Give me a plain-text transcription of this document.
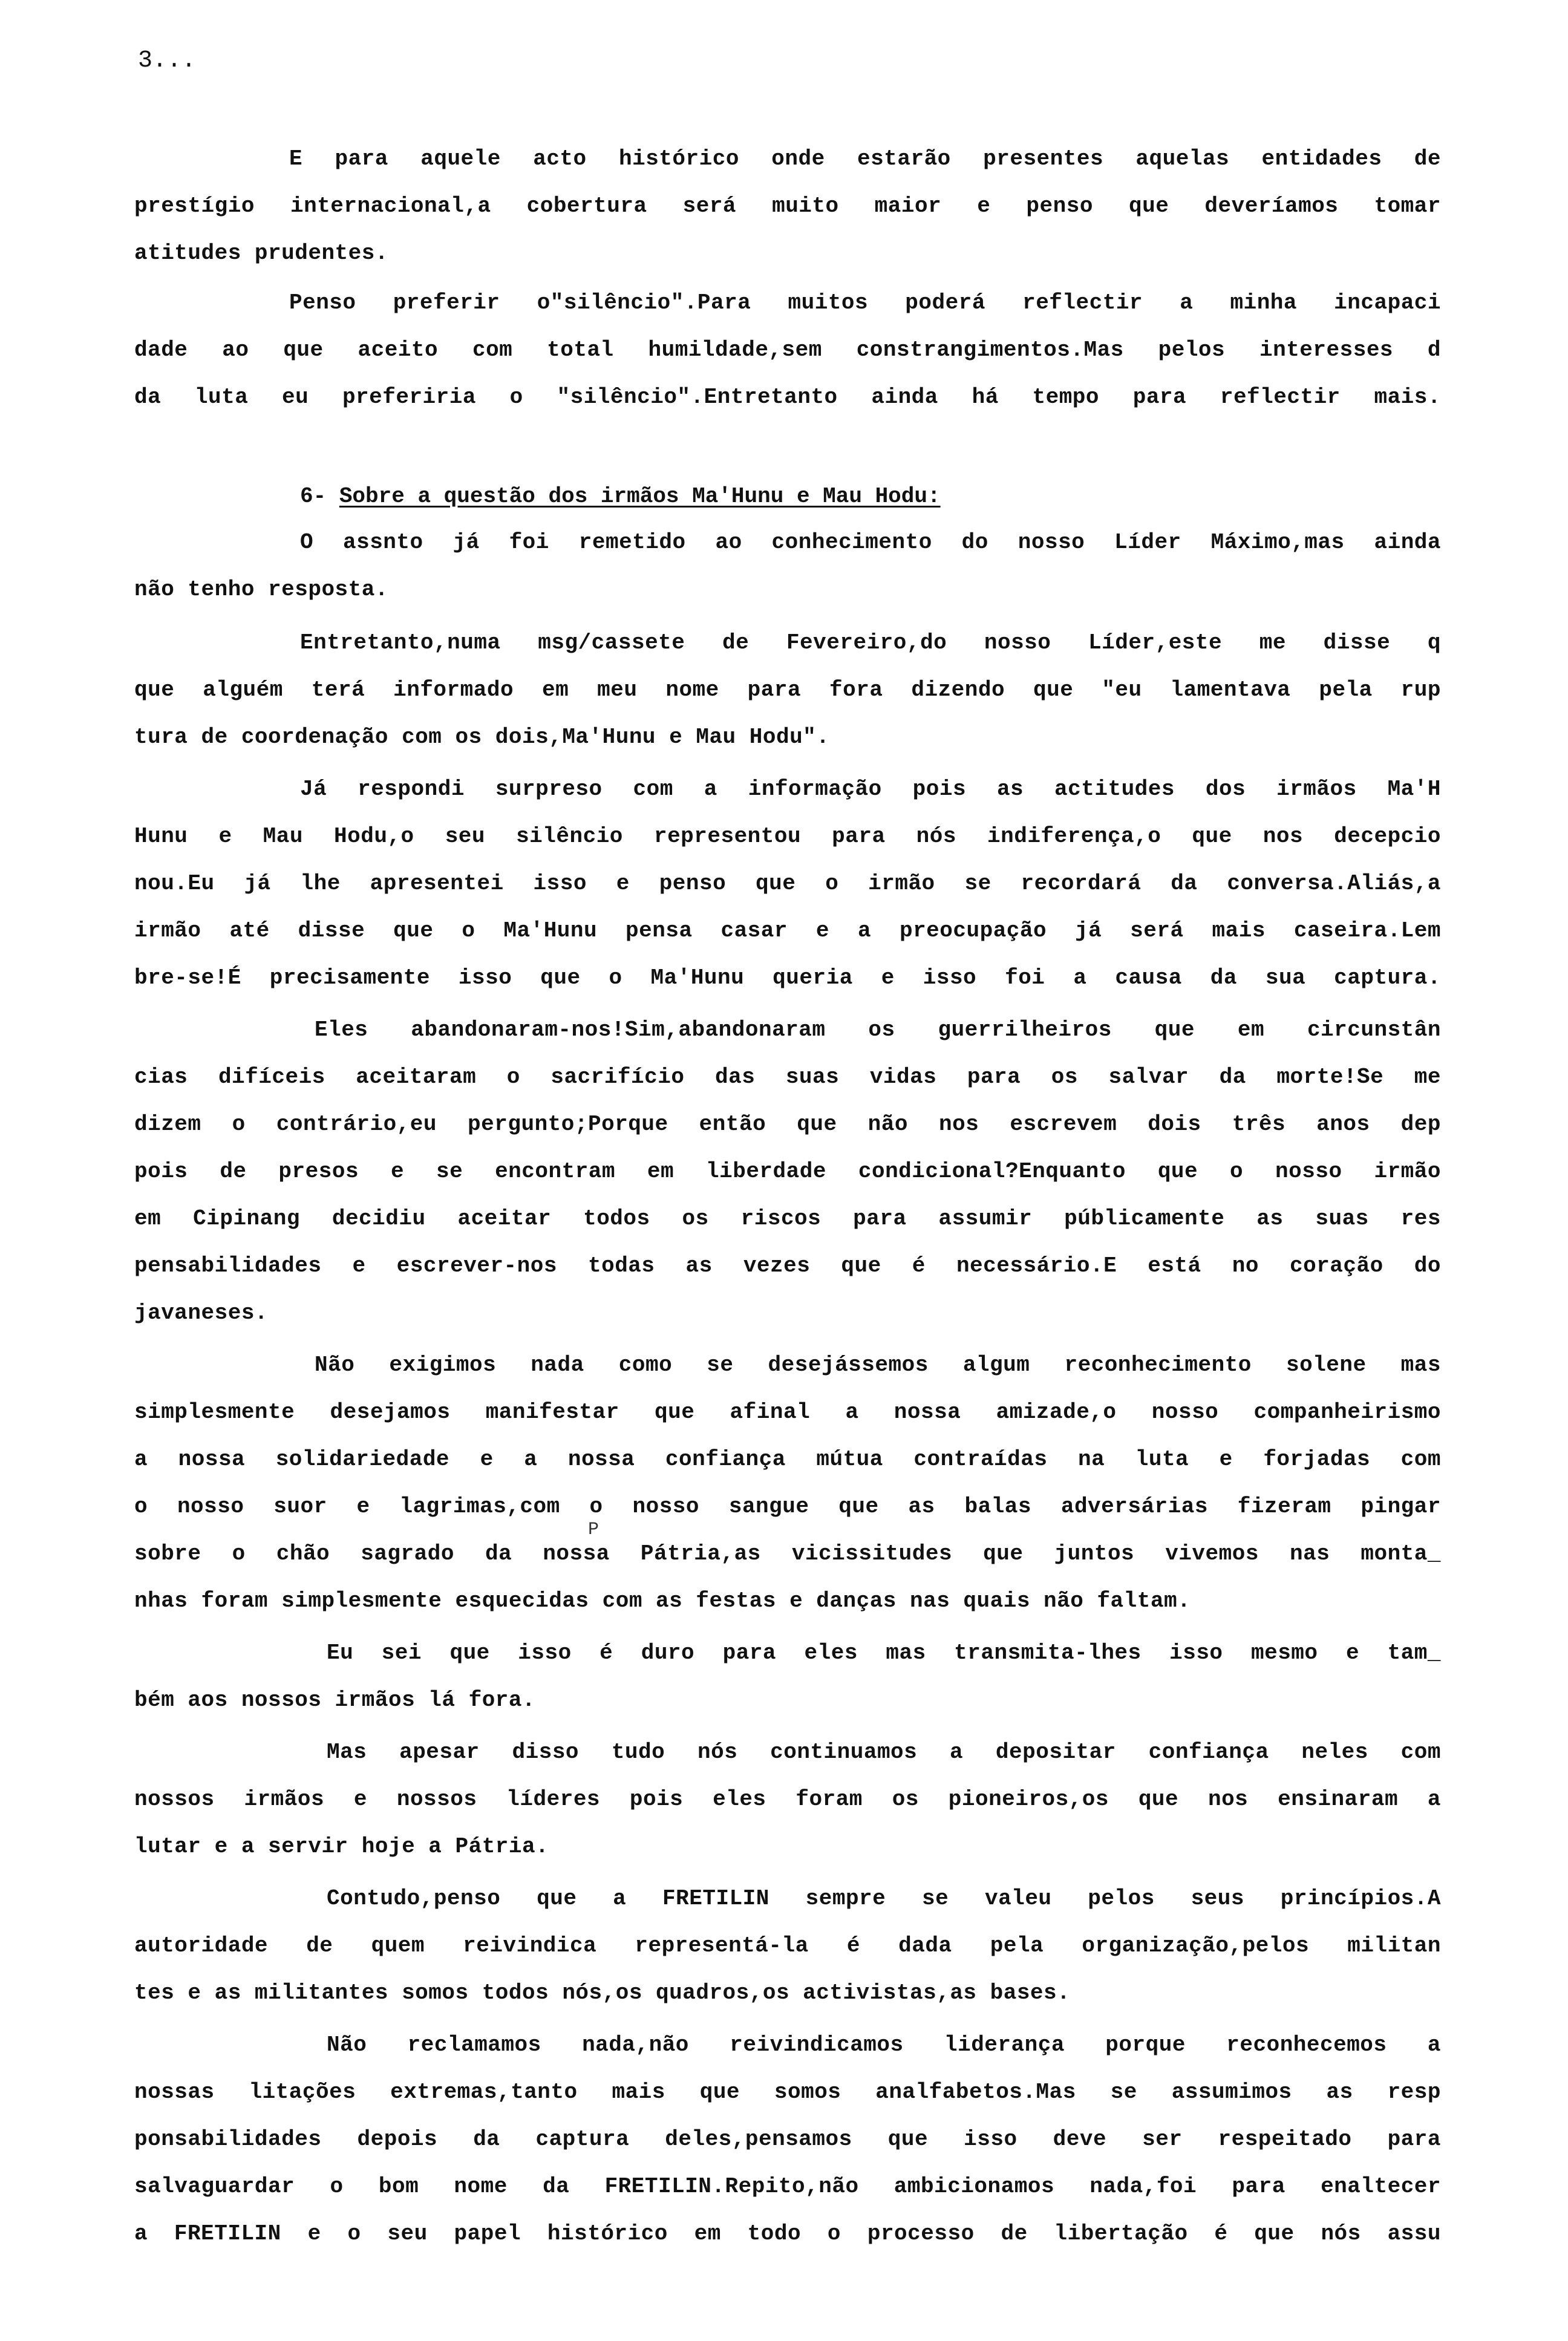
3...
E para aquele acto histórico onde estarão presentes aquelas entidades de
prestígio internacional,a cobertura será muito maior e penso que deveríamos tomar
atitudes prudentes.
Penso preferir o"silêncio".Para muitos poderá reflectir a minha incapaci
dade ao que aceito com total humildade,sem constrangimentos.Mas pelos interesses d
da luta eu preferiria o "silêncio".Entretanto ainda há tempo para reflectir mais.
6- Sobre a questão dos irmãos Ma'Hunu e Mau Hodu:
O assnto já foi remetido ao conhecimento do nosso Líder Máximo,mas ainda
não tenho resposta.
Entretanto,numa msg/cassete de Fevereiro,do nosso Líder,este me disse q
que alguém terá informado em meu nome para fora dizendo que "eu lamentava pela rup
tura de coordenação com os dois,Ma'Hunu e Mau Hodu".
Já respondi surpreso com a informação pois as actitudes dos irmãos Ma'H
Hunu e Mau Hodu,o seu silêncio representou para nós indiferença,o que nos decepcio
nou.Eu já lhe apresentei isso e penso que o irmão se recordará da conversa.Aliás,a
irmão até disse que o Ma'Hunu pensa casar e a preocupação já será mais caseira.Lem
bre-se!É precisamente isso que o Ma'Hunu queria e isso foi a causa da sua captura.
Eles abandonaram-nos!Sim,abandonaram os guerrilheiros que em circunstân
cias difíceis aceitaram o sacrifício das suas vidas para os salvar da morte!Se me
dizem o contrário,eu pergunto;Porque então que não nos escrevem dois três anos dep
pois de presos e se encontram em liberdade condicional?Enquanto que o nosso irmão
em Cipinang decidiu aceitar todos os riscos para assumir públicamente as suas res
pensabilidades e escrever-nos todas as vezes que é necessário.E está no coração do
javaneses.
Não exigimos nada como se desejássemos algum reconhecimento solene mas
simplesmente desejamos manifestar que afinal a nossa amizade,o nosso companheirismo
a nossa solidariedade e a nossa confiança mútua contraídas na luta e forjadas com
o nosso suor e lagrimas,com o nosso sangue que as balas adversárias fizeram pingar
P
sobre o chão sagrado da nossa Pátria,as vicissitudes que juntos vivemos nas monta_
nhas foram simplesmente esquecidas com as festas e danças nas quais não faltam.
Eu sei que isso é duro para eles mas transmita-lhes isso mesmo e tam_
bém aos nossos irmãos lá fora.
Mas apesar disso tudo nós continuamos a depositar confiança neles com
nossos irmãos e nossos líderes pois eles foram os pioneiros,os que nos ensinaram a
lutar e a servir hoje a Pátria.
Contudo,penso que a FRETILIN sempre se valeu pelos seus princípios.A
autoridade de quem reivindica representá-la é dada pela organização,pelos militan
tes e as militantes somos todos nós,os quadros,os activistas,as bases.
Não reclamamos nada,não reivindicamos liderança porque reconhecemos a
nossas litações extremas,tanto mais que somos analfabetos.Mas se assumimos as resp
ponsabilidades depois da captura deles,pensamos que isso deve ser respeitado para
salvaguardar o bom nome da FRETILIN.Repito,não ambicionamos nada,foi para enaltecer
a FRETILIN e o seu papel histórico em todo o processo de libertação é que nós assu
